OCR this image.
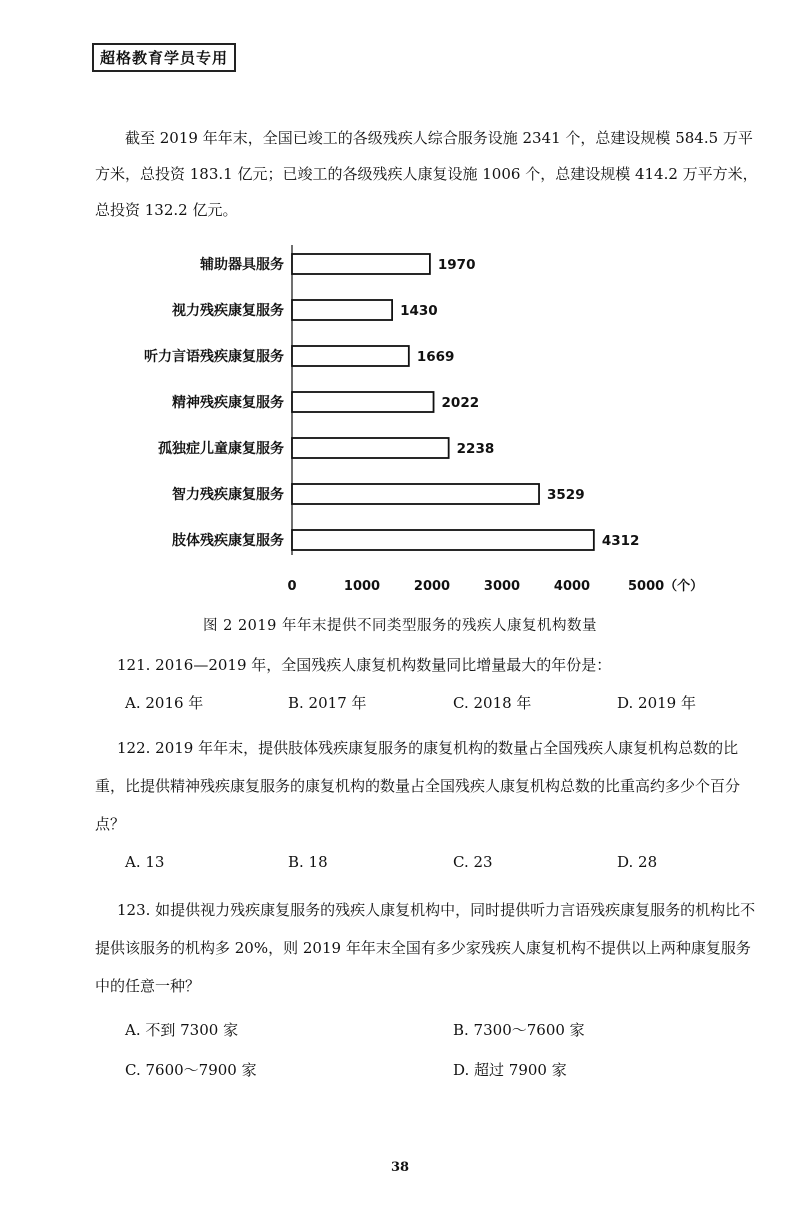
超格教育学员专用
截至 2019 年年末，全国已竣工的各级残疾人综合服务设施 2341 个，总建设规模 584.5 万平方米，总投资 183.1 亿元；已竣工的各级残疾人康复设施 1006 个，总建设规模 414.2 万平方米，总投资 132.2 亿元。
辅助器具服务	1970
视力残疾康复服务	1430
听力言语残疾康复服务	1669
精神残疾康复服务	2022
孤独症儿童康复服务	2238
智力残疾康复服务	3529
肢体残疾康复服务	4312
0	1000	2000	3000	4000	5000（个）
图 2 2019 年年末提供不同类型服务的残疾人康复机构数量
121. 2016—2019 年，全国残疾人康复机构数量同比增量最大的年份是：
A. 2016 年	B. 2017 年	C. 2018 年	D. 2019 年
122. 2019 年年末，提供肢体残疾康复服务的康复机构的数量占全国残疾人康复机构总数的比重，比提供精神残疾康复服务的康复机构的数量占全国残疾人康复机构总数的比重高约多少个百分点？
A. 13	B. 18	C. 23	D. 28
123. 如提供视力残疾康复服务的残疾人康复机构中，同时提供听力言语残疾康复服务的机构比不提供该服务的机构多 20%，则 2019 年年末全国有多少家残疾人康复机构不提供以上两种康复服务中的任意一种？
A. 不到 7300 家	B. 7300～7600 家
C. 7600～7900 家	D. 超过 7900 家
38
